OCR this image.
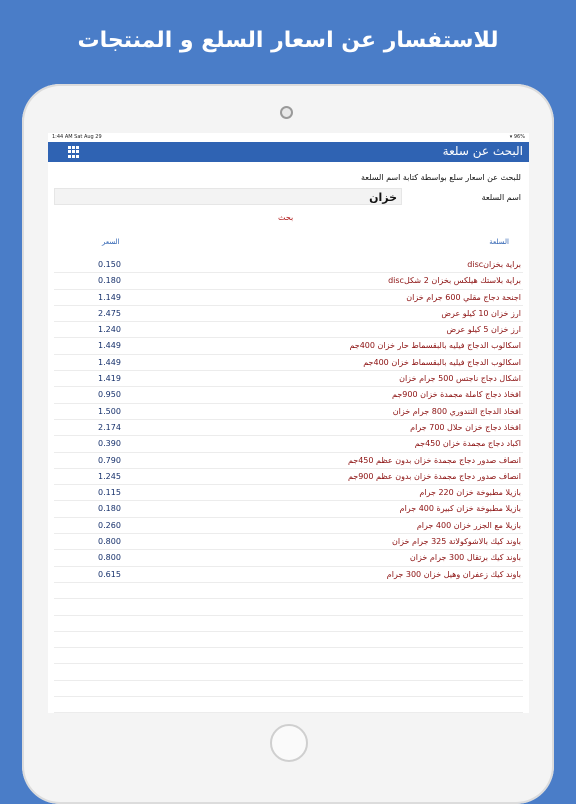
للاستفسار عن اسعار السلع و المنتجات
1:44 AM Sat Aug 29	▾ 96%
البحث عن سلعة
للبحث عن اسعار سلع بواسطة كتابة اسم السلعة
اسم السلعة
خزان
بحث
السلعة
السعر
براية بخزانdisc
0.150
براية بلاستك هيلكس بخزان 2 شكلdisc
0.180
اجنحة دجاج مقلي 600 جرام خزان
1.149
ارز خزان 10 كيلو عرض
2.475
ارز خزان 5 كيلو عرض
1.240
اسكالوب الدجاج فيليه بالبقسماط حار خزان 400جم
1.449
اسكالوب الدجاج فيليه بالبقسماط خزان 400جم
1.449
اشكال دجاج ناجتس 500 جرام خزان
1.419
افخاذ دجاج كاملة مجمدة خزان 900جم
0.950
افخاذ الدجاج التندوري 800 جرام خزان
1.500
افخاذ دجاج خزان حلال 700 جرام
2.174
اكباد دجاج مجمدة خزان 450جم
0.390
انصاف صدور دجاج مجمدة خزان بدون عظم 450جم
0.790
انصاف صدور دجاج مجمدة خزان بدون عظم 900جم
1.245
بازيلا مطبوخة خزان 220 جرام
0.115
بازيلا مطبوخة خزان كبيرة 400 جرام
0.180
بازيلا مع الجزر خزان 400 جرام
0.260
باوند كيك بالاشوكولاتة 325 جرام خزان
0.800
باوند كيك برتقال 300 جرام خزان
0.800
باوند كيك زعفران وهيل خزان 300 جرام
0.615
